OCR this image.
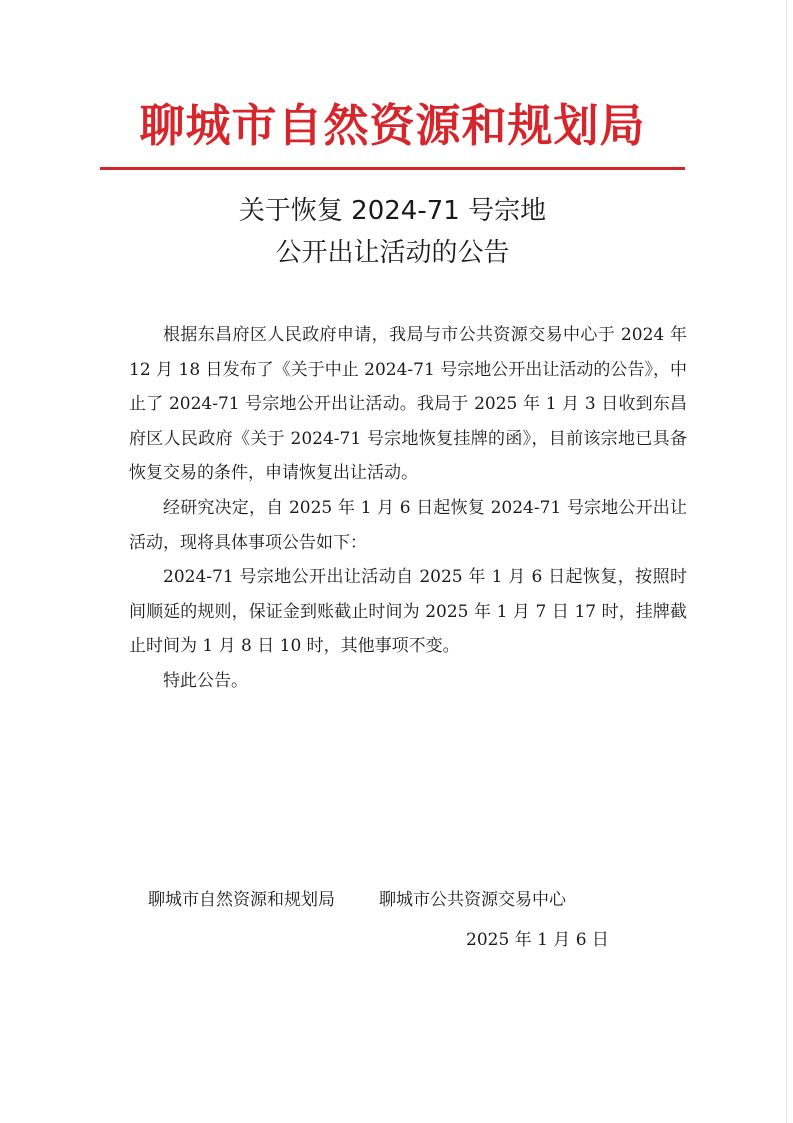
聊城市自然资源和规划局
关于恢复 2024-71 号宗地
公开出让活动的公告

根据东昌府区人民政府申请，我局与市公共资源交易中心于 2024 年 12 月 18 日发布了《关于中止 2024-71 号宗地公开出让活动的公告》，中止了 2024-71 号宗地公开出让活动。我局于 2025 年 1 月 3 日收到东昌府区人民政府《关于 2024-71 号宗地恢复挂牌的函》，目前该宗地已具备恢复交易的条件，申请恢复出让活动。

经研究决定，自 2025 年 1 月 6 日起恢复 2024-71 号宗地公开出让活动，现将具体事项公告如下：

2024-71 号宗地公开出让活动自 2025 年 1 月 6 日起恢复，按照时间顺延的规则，保证金到账截止时间为 2025 年 1 月 7 日 17 时，挂牌截止时间为 1 月 8 日 10 时，其他事项不变。

特此公告。

聊城市自然资源和规划局	聊城市公共资源交易中心
2025 年 1 月 6 日
